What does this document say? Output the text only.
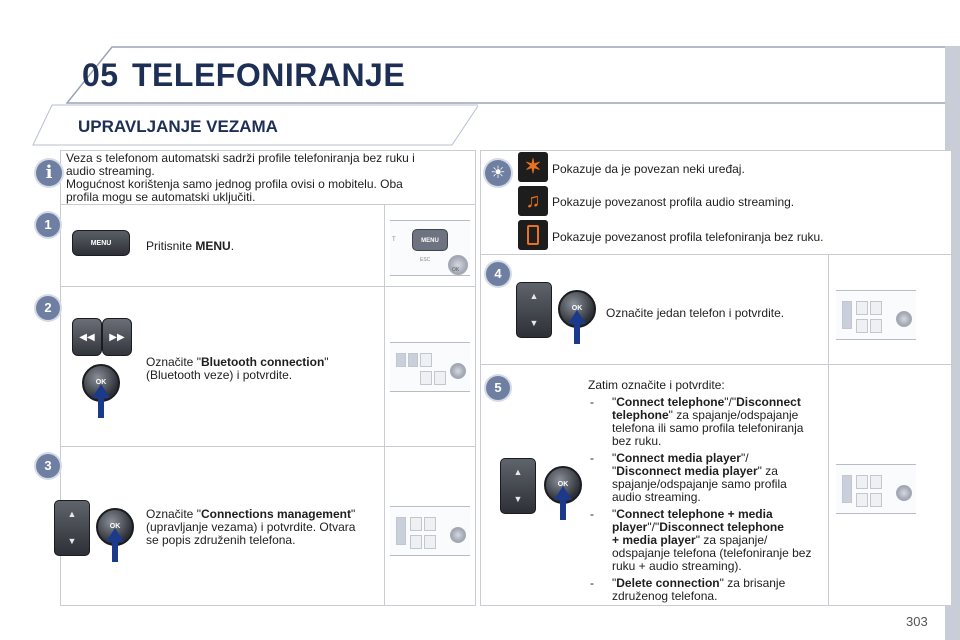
05 TELEFONIRANJE
UPRAVLJANJE VEZAMA
i
Veza s telefonom automatski sadrži profile telefoniranja bez ruku i
audio streaming.
Mogućnost korištenja samo jednog profila ovisi o mobitelu. Oba
profila mogu se automatski uključiti.
1
MENU	Pritisnite MENU.	T	MENU
ESC
OK
2
◀◀	▶▶
OK
Označite "Bluetooth connection"
(Bluetooth veze) i potvrdite.
3
▲
▼
OK
Označite "Connections management"
(upravljanje vezama) i potvrdite. Otvara
se popis združenih telefona.
☀ ✶ Pokazuje da je povezan neki uređaj.
♫ Pokazuje povezanost profila audio streaming.
Pokazuje povezanost profila telefoniranja bez ruku.
4
▲
▼
OK	Označite jedan telefon i potvrdite.
5
▲
▼
OK
Zatim označite i potvrdite:
- "Connect telephone"/"Disconnect
telephone" za spajanje/odspajanje
telefona ili samo profila telefoniranja
bez ruku.
- "Connect media player"/
"Disconnect media player" za
spajanje/odspajanje samo profila
audio streaming.
- "Connect telephone + media
player"/"Disconnect telephone
+ media player" za spajanje/
odspajanje telefona (telefoniranje bez
ruku + audio streaming).
- "Delete connection" za brisanje
združenog telefona.
303
